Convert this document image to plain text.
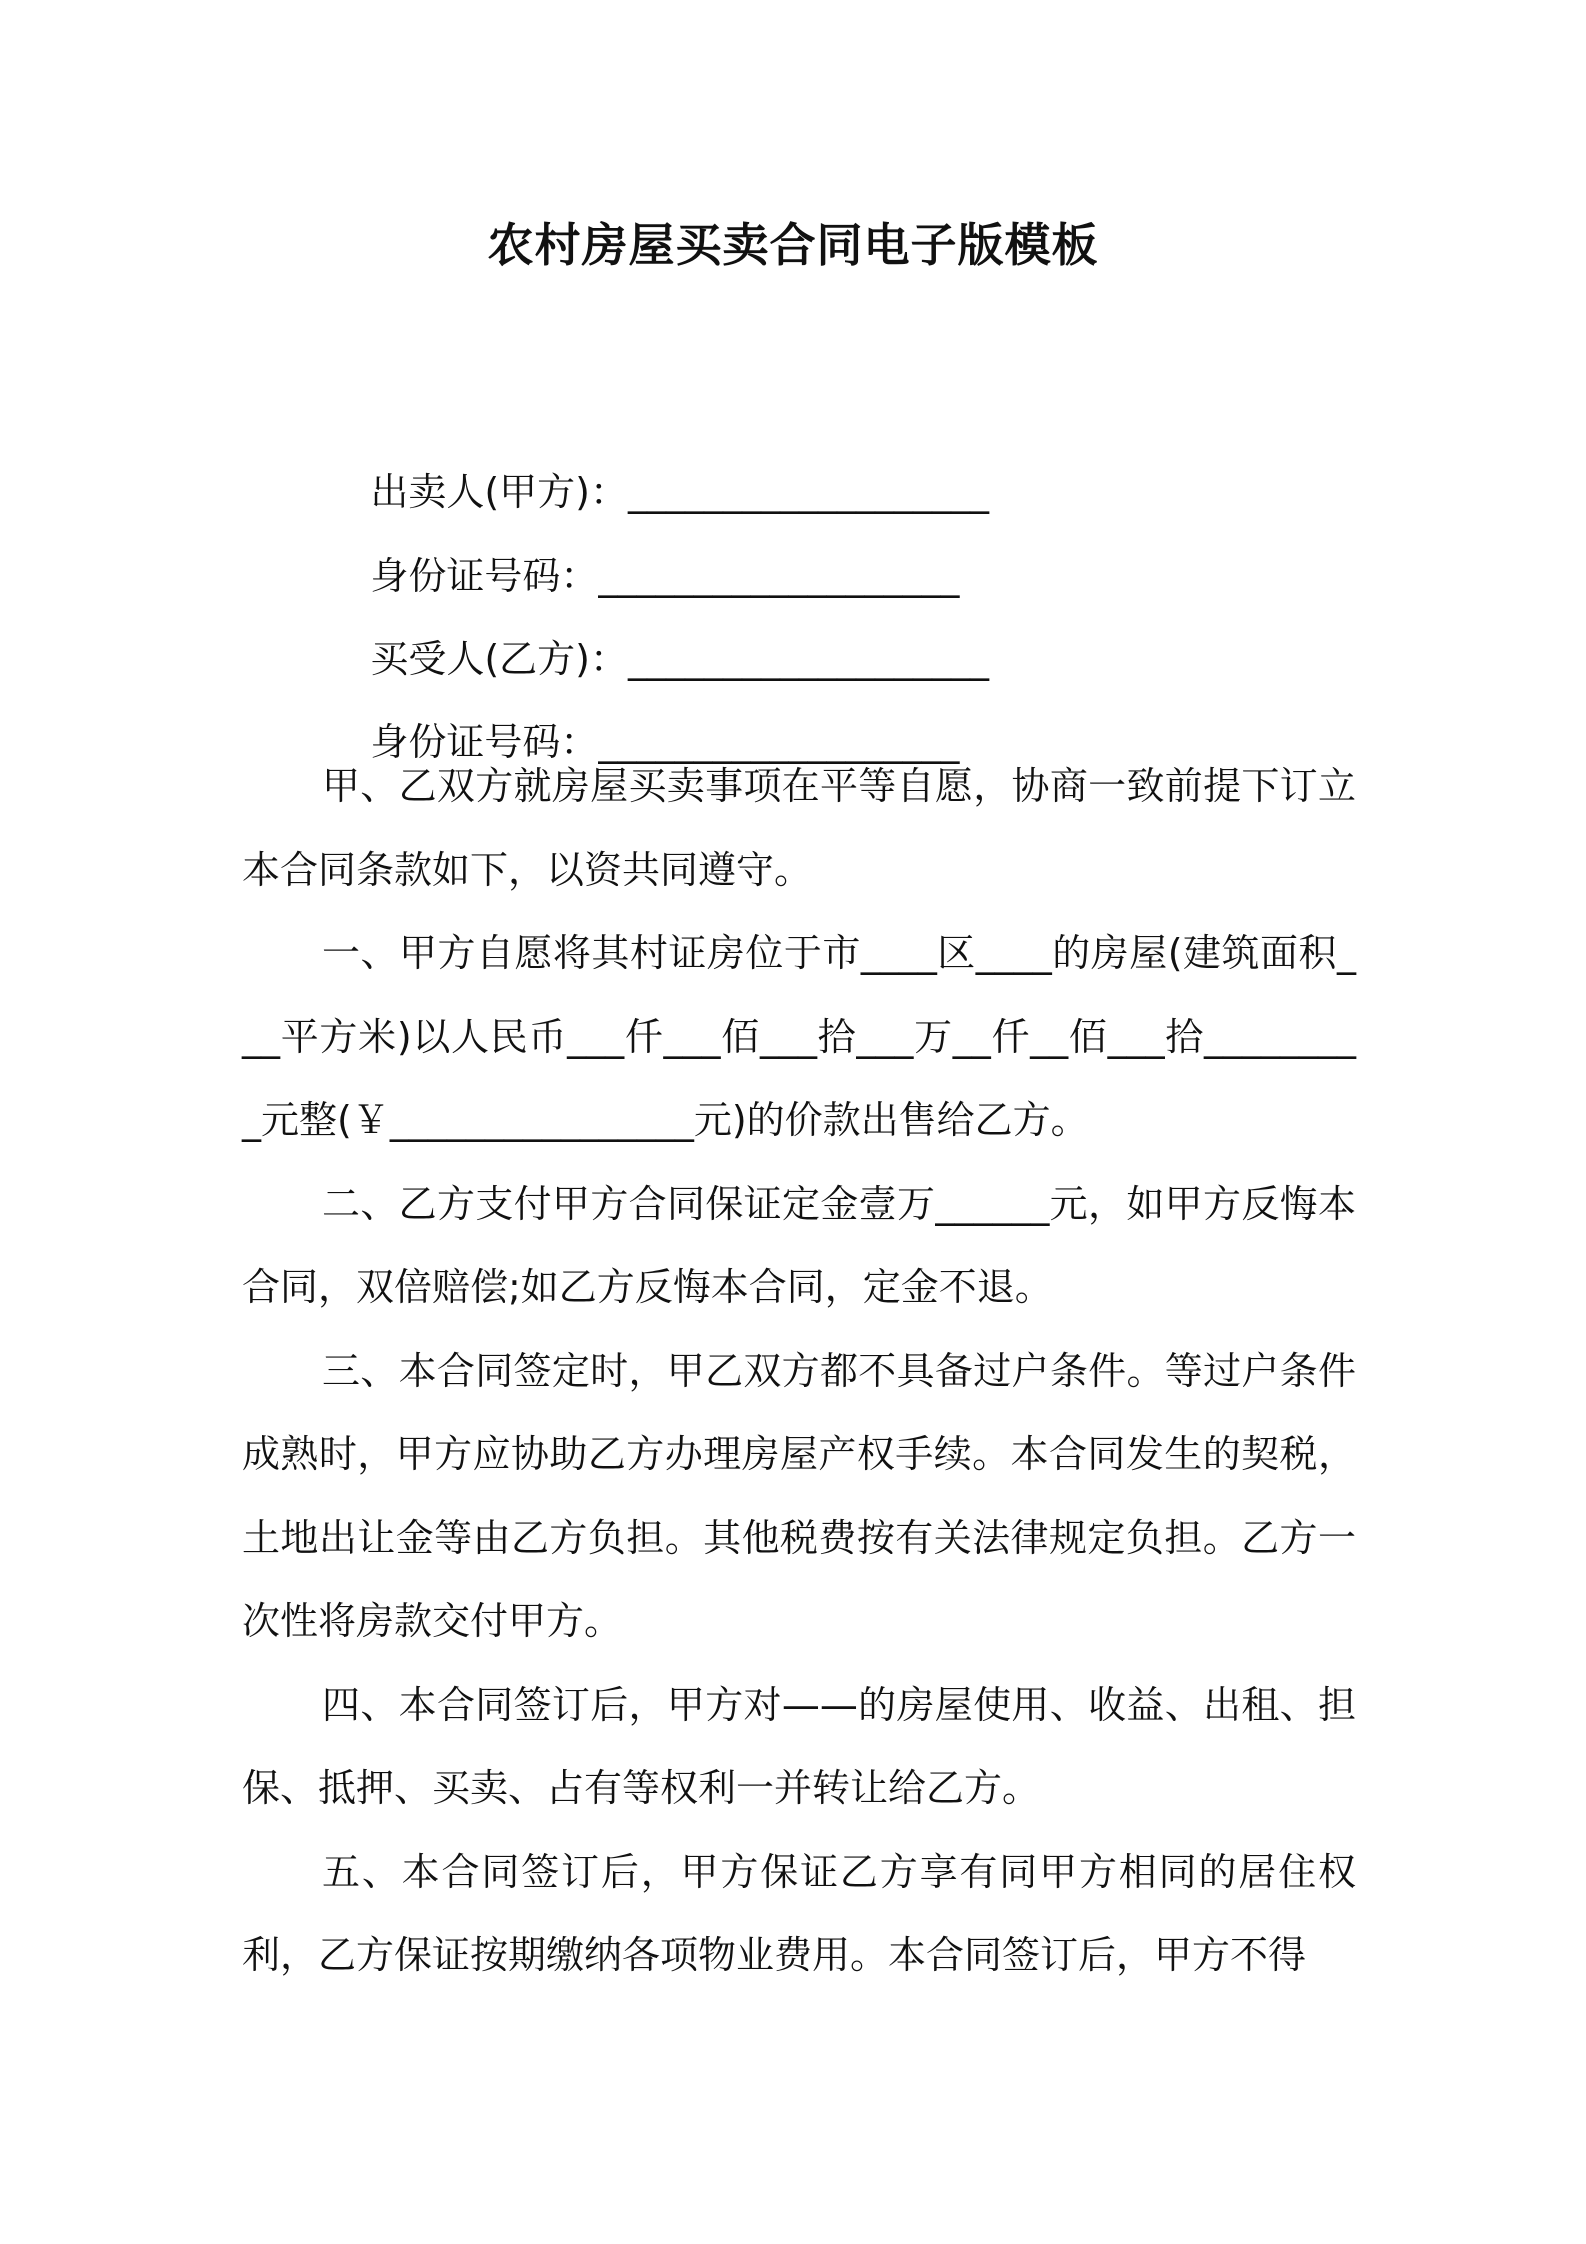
农村房屋买卖合同电子版模板

出卖人(甲方)：___________________

身份证号码：___________________

买受人(乙方)：___________________

身份证号码：___________________

甲、乙双方就房屋买卖事项在平等自愿，协商一致前提下订立本合同条款如下，以资共同遵守。

一、甲方自愿将其村证房位于市____区____的房屋(建筑面积___平方米)以人民币___仟___佰___拾___万__仟__佰___拾_________元整(￥________________元)的价款出售给乙方。

二、乙方支付甲方合同保证定金壹万______元，如甲方反悔本合同，双倍赔偿;如乙方反悔本合同，定金不退。

三、本合同签定时，甲乙双方都不具备过户条件。等过户条件成熟时，甲方应协助乙方办理房屋产权手续。本合同发生的契税，土地出让金等由乙方负担。其他税费按有关法律规定负担。乙方一次性将房款交付甲方。

四、本合同签订后，甲方对——的房屋使用、收益、出租、担保、抵押、买卖、占有等权利一并转让给乙方。

五、本合同签订后，甲方保证乙方享有同甲方相同的居住权利，乙方保证按期缴纳各项物业费用。本合同签订后，甲方不得
